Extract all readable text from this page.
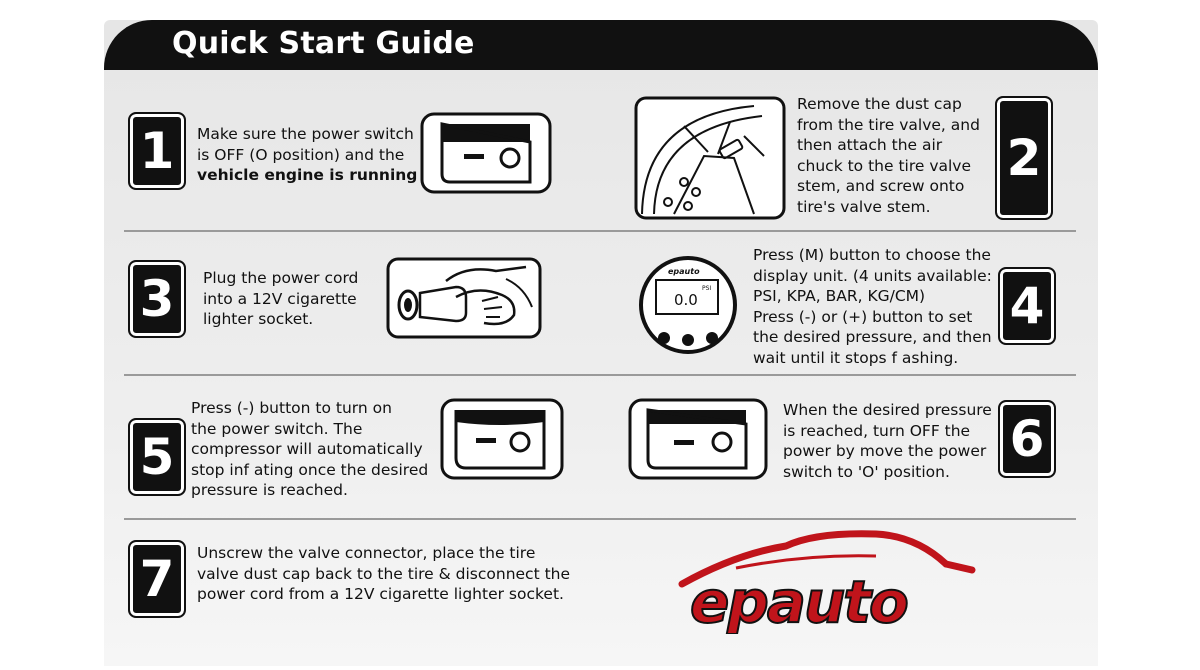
Quick Start Guide
1	Make sure the power switch
is OFF (O position) and the
vehicle engine is running
Remove the dust cap
from the tire valve, and
then attach the air
chuck to the tire valve
stem, and screw onto
tire's valve stem.
2
3	Plug the power cord
into a 12V cigarette
lighter socket.
epauto
0.0
PSI
Press (M) button to choose the
display unit. (4 units available:
PSI, KPA, BAR, KG/CM)
Press (-) or (+) button to set
the desired pressure, and then
wait until it stops f ashing.
4
Press (-) button to turn on
the power switch. The
compressor will automatically
stop inf ating once the desired
pressure is reached.
5
When the desired pressure
is reached, turn OFF the
power by move the power
switch to 'O' position.
6
7	Unscrew the valve connector, place the tire
valve dust cap back to the tire & disconnect the
power cord from a 12V cigarette lighter socket. epauto
